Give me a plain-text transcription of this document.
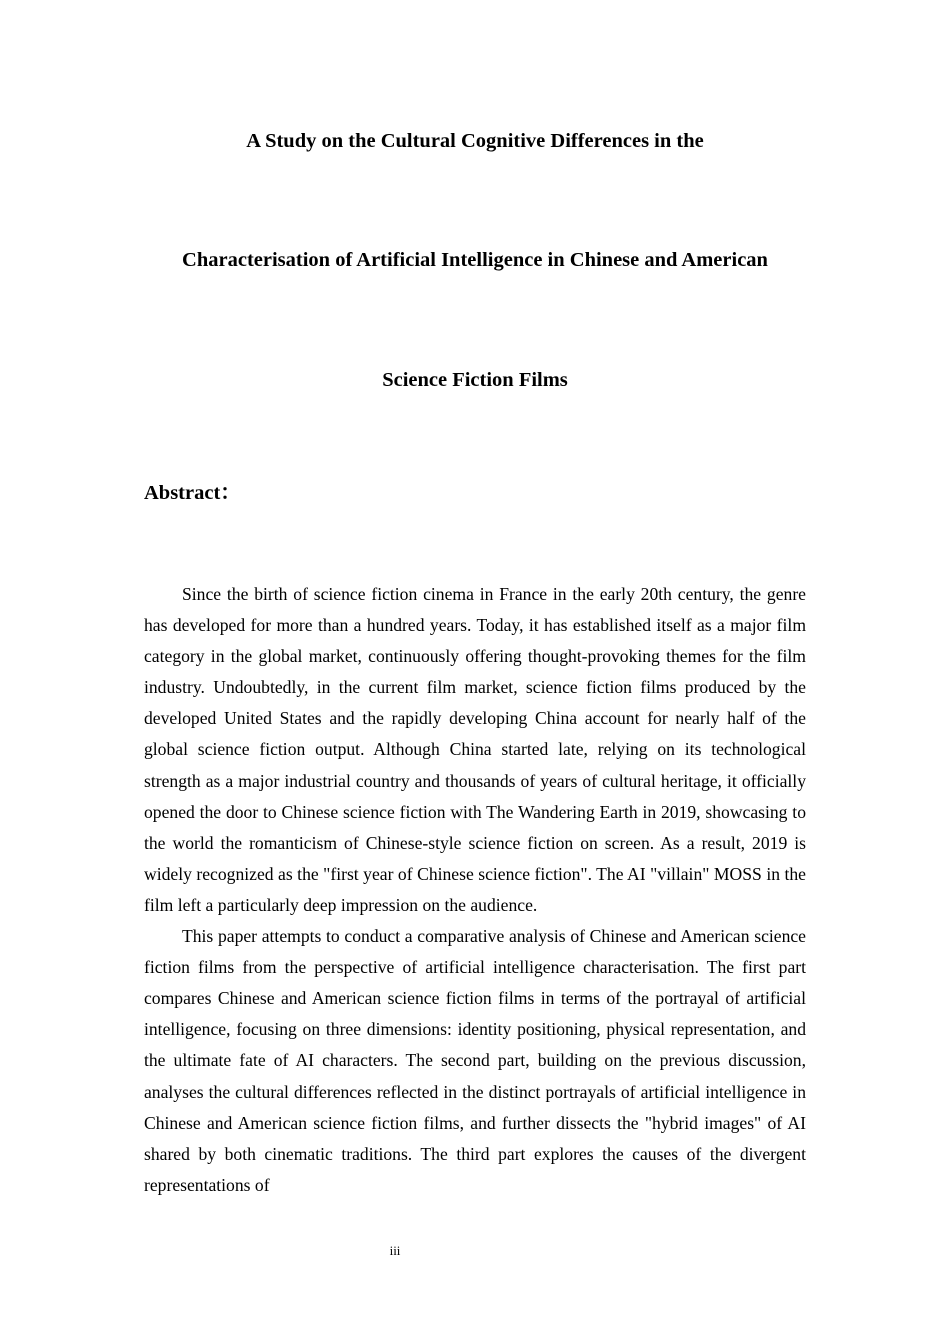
A Study on the Cultural Cognitive Differences in the
Characterisation of Artificial Intelligence in Chinese and American
Science Fiction Films
Abstract：

Since the birth of science fiction cinema in France in the early 20th century, the genre has developed for more than a hundred years. Today, it has established itself as a major film category in the global market, continuously offering thought-provoking themes for the film industry. Undoubtedly, in the current film market, science fiction films produced by the developed United States and the rapidly developing China account for nearly half of the global science fiction output. Although China started late, relying on its technological strength as a major industrial country and thousands of years of cultural heritage, it officially opened the door to Chinese science fiction with The Wandering Earth in 2019, showcasing to the world the romanticism of Chinese-style science fiction on screen. As a result, 2019 is widely recognized as the "first year of Chinese science fiction". The AI "villain" MOSS in the film left a particularly deep impression on the audience.

This paper attempts to conduct a comparative analysis of Chinese and American science fiction films from the perspective of artificial intelligence characterisation. The first part compares Chinese and American science fiction films in terms of the portrayal of artificial intelligence, focusing on three dimensions: identity positioning, physical representation, and the ultimate fate of AI characters. The second part, building on the previous discussion, analyses the cultural differences reflected in the distinct portrayals of artificial intelligence in Chinese and American science fiction films, and further dissects the "hybrid images" of AI shared by both cinematic traditions. The third part explores the causes of the divergent representations of

iii
